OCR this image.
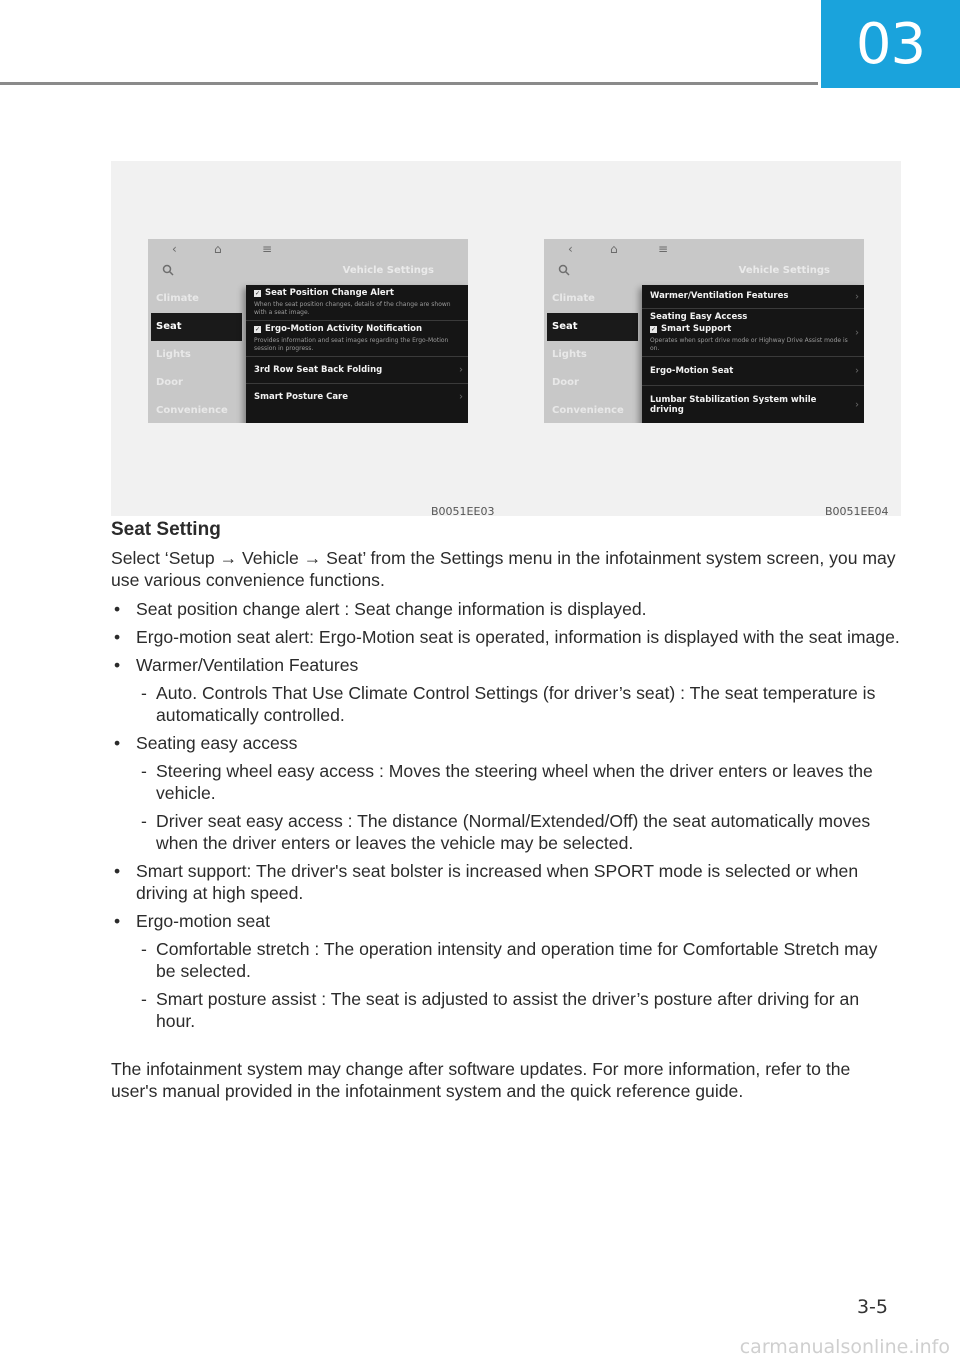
03
‹	⌂	≡
Vehicle Settings
Climate
Seat
Lights
Door
Convenience
✓ Seat Position Change Alert
When the seat position changes, details of the change are shown with a seat image.
✓ Ergo-Motion Activity Notification
Provides information and seat images regarding the Ergo-Motion session in progress.
3rd Row Seat Back Folding	›
Smart Posture Care	›
‹	⌂	≡
Vehicle Settings
Climate
Seat
Lights
Door
Convenience
Warmer/Ventilation Features	›
Seating Easy Access
✓ Smart Support
Operates when sport drive mode or Highway Drive Assist mode is on.
›
Ergo-Motion Seat	›
Lumbar Stabilization System while driving	›
B0051EE03	B0051EE04
Seat Setting

Select ‘Setup → Vehicle → Seat’ from the Settings menu in the infotainment system screen, you may use various convenience functions.

• Seat position change alert : Seat change information is displayed.
• Ergo-motion seat alert: Ergo-Motion seat is operated, information is displayed with the seat image.
• Warmer/Ventilation Features
- Auto. Controls That Use Climate Control Settings (for driver’s seat) : The seat temperature is automatically controlled.
• Seating easy access
- Steering wheel easy access : Moves the steering wheel when the driver enters or leaves the vehicle.
- Driver seat easy access : The distance (Normal/Extended/Off) the seat automatically moves when the driver enters or leaves the vehicle may be selected.
• Smart support: The driver's seat bolster is increased when SPORT mode is selected or when driving at high speed.
• Ergo-motion seat
- Comfortable stretch : The operation intensity and operation time for Comfortable Stretch may be selected.
- Smart posture assist : The seat is adjusted to assist the driver’s posture after driving for an hour.

The infotainment system may change after software updates. For more information, refer to the user's manual provided in the infotainment system and the quick reference guide.

3-5
carmanualsonline.info
